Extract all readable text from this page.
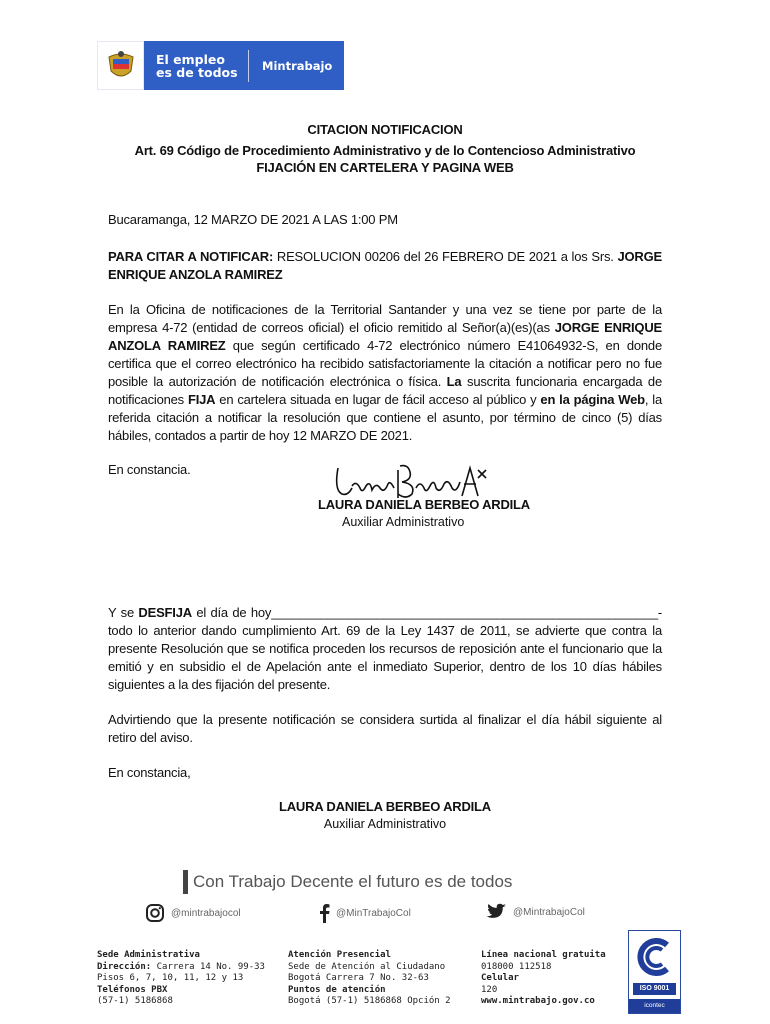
El empleo
es de todos	Mintrabajo
CITACION NOTIFICACION
Art. 69 Código de Procedimiento Administrativo y de lo Contencioso Administrativo
FIJACIÓN EN CARTELERA Y PAGINA WEB
Bucaramanga, 12 MARZO DE 2021 A LAS 1:00 PM
PARA CITAR A NOTIFICAR: RESOLUCION 00206 del 26 FEBRERO DE 2021 a los Srs. JORGE ENRIQUE ANZOLA RAMIREZ
En la Oficina de notificaciones de la Territorial Santander y una vez se tiene por parte de la empresa 4-72 (entidad de correos oficial) el oficio remitido al Señor(a)(es)(as JORGE ENRIQUE ANZOLA RAMIREZ que según certificado 4-72 electrónico número E41064932-S, en donde certifica que el correo electrónico ha recibido satisfactoriamente la citación a notificar pero no fue posible la autorización de notificación electrónica o física. La suscrita funcionaria encargada de notificaciones FIJA en cartelera situada en lugar de fácil acceso al público y en la página Web, la referida citación a notificar la resolución que contiene el asunto, por término de cinco (5) días hábiles, contados a partir de hoy 12 MARZO DE 2021.
En constancia.
LAURA DANIELA BERBEO ARDILA
Auxiliar Administrativo
Y se DESFIJA el día de hoy_______________________________________________________-todo lo anterior dando cumplimiento Art. 69 de la Ley 1437 de 2011, se advierte que contra la presente Resolución que se notifica proceden los recursos de reposición ante el funcionario que la emitió y en subsidio el de Apelación ante el inmediato Superior, dentro de los 10 días hábiles siguientes a la des fijación del presente.
Advirtiendo que la presente notificación se considera surtida al finalizar el día hábil siguiente al retiro del aviso.
En constancia,
LAURA DANIELA BERBEO ARDILA
Auxiliar Administrativo
Con Trabajo Decente el futuro es de todos
@mintrabajocol	@MinTrabajoCol	@MintrabajoCol
Sede Administrativa
Dirección: Carrera 14 No. 99-33
Pisos 6, 7, 10, 11, 12 y 13
Teléfonos PBX
(57-1) 5186868
Atención Presencial
Sede de Atención al Ciudadano
Bogotá Carrera 7 No. 32-63
Puntos de atención
Bogotá (57-1) 5186868 Opción 2
Línea nacional gratuita
018000 112518
Celular
120
www.mintrabajo.gov.co
ISO 9001
icontec
